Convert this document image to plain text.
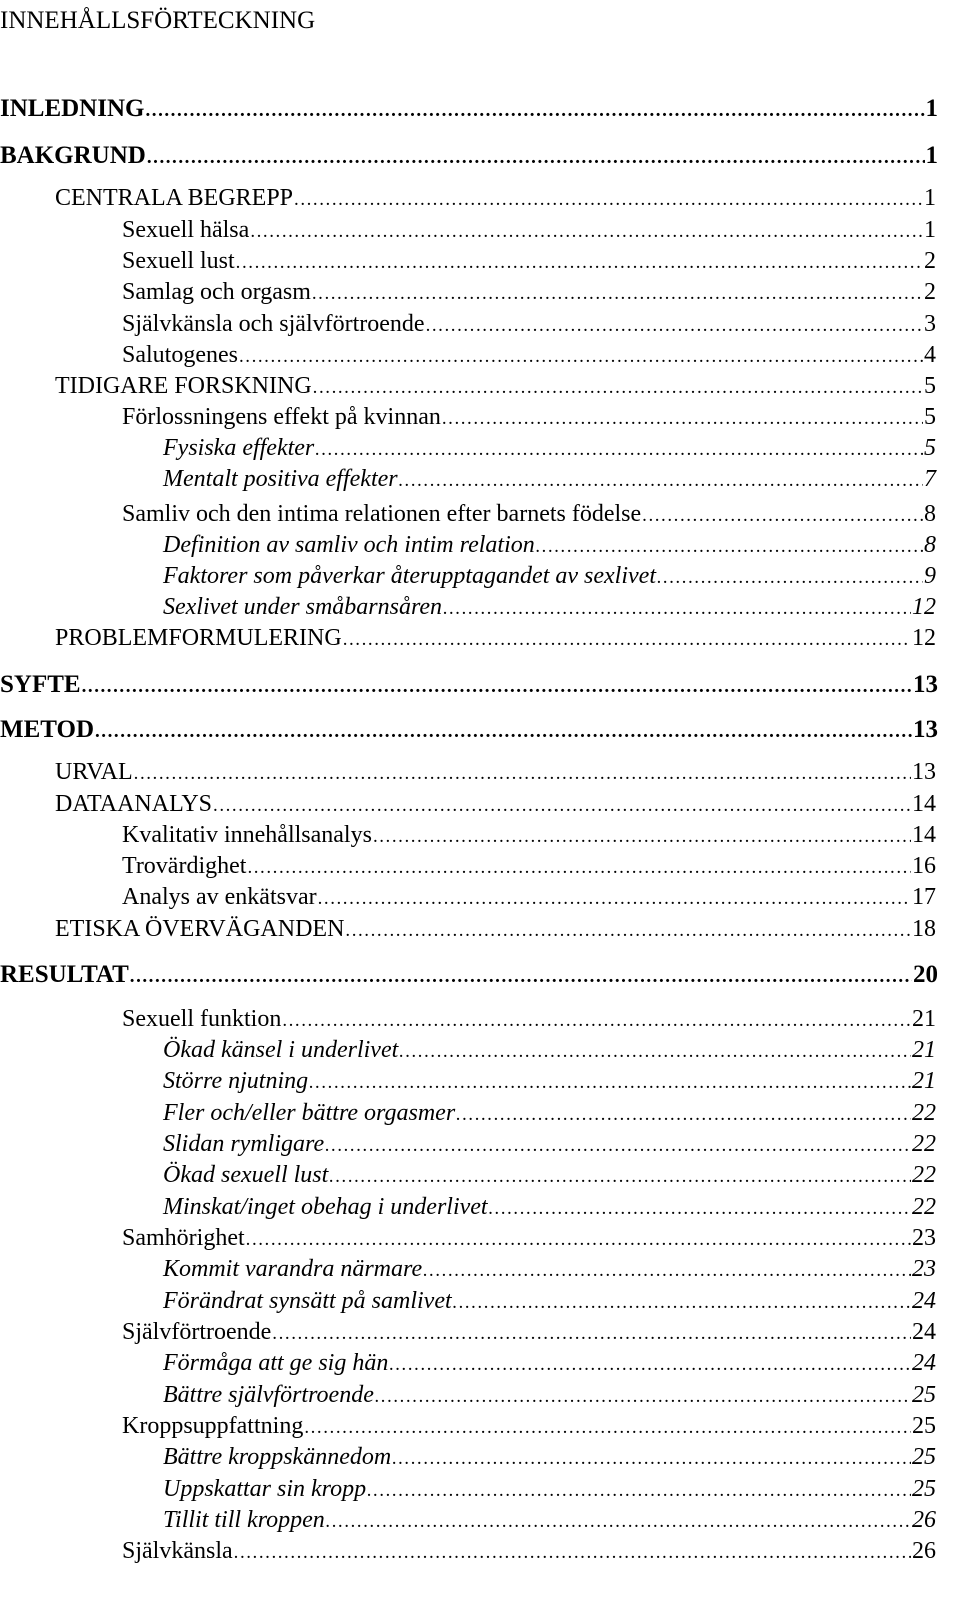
INNEHÅLLSFÖRTECKNING
INLEDNING . . .	1
BAKGRUND . . .	1
CENTRALA BEGREPP . . .	1
Sexuell hälsa . . .	1
Sexuell lust . . .	2
Samlag och orgasm . . .	2
Självkänsla och självförtroende . . .	3
Salutogenes . . .	4
TIDIGARE FORSKNING . . .	5
Förlossningens effekt på kvinnan . . .	5
Fysiska effekter . . .	5
Mentalt positiva effekter . . .	7
Samliv och den intima relationen efter barnets födelse . . .	8
Definition av samliv och intim relation . . .	8
Faktorer som påverkar återupptagandet av sexlivet . . .	9
Sexlivet under småbarnsåren . . .	12
PROBLEMFORMULERING . . .	12
SYFTE . . .	13
METOD . . .	13
URVAL . . .	13
DATAANALYS . . .	14
Kvalitativ innehållsanalys . . .	14
Trovärdighet . . .	16
Analys av enkätsvar . . .	17
ETISKA ÖVERVÄGANDEN . . .	18
RESULTAT . . .	20
Sexuell funktion . . .	21
Ökad känsel i underlivet . . .	21
Större njutning . . .	21
Fler och/eller bättre orgasmer . . .	22
Slidan rymligare . . .	22
Ökad sexuell lust . . .	22
Minskat/inget obehag i underlivet . . .	22
Samhörighet . . .	23
Kommit varandra närmare . . .	23
Förändrat synsätt på samlivet . . .	24
Självförtroende . . .	24
Förmåga att ge sig hän . . .	24
Bättre självförtroende . . .	25
Kroppsuppfattning . . .	25
Bättre kroppskännedom . . .	25
Uppskattar sin kropp . . .	25
Tillit till kroppen . . .	26
Självkänsla . . .	26
